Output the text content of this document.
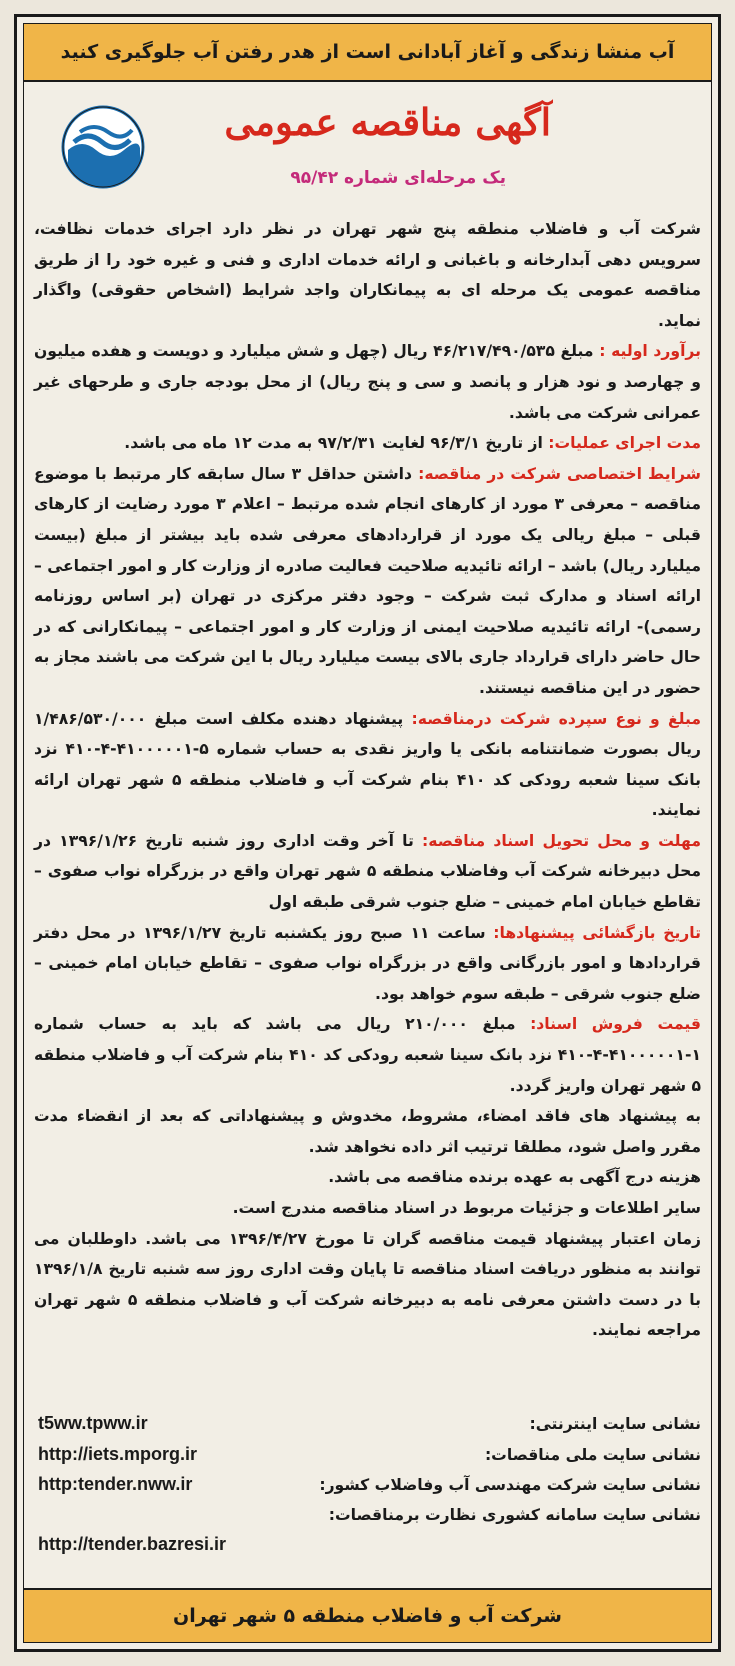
آب منشا زندگی و آغاز آبادانی است از هدر رفتن آب جلوگیری کنید
آگهی مناقصه عمومی
یک مرحله‌ای شماره ۹۵/۴۲

شرکت آب و فاضلاب منطقه پنج شهر تهران در نظر دارد اجرای خدمات نظافت، سرویس دهی آبدارخانه و باغبانی و ارائه خدمات اداری و فنی و غیره خود را از طریق مناقصه عمومی یک مرحله ای به پیمانکاران واجد شرایط (اشخاص حقوقی) واگذار نماید.

برآورد اولیه : مبلغ ۴۶/۲۱۷/۴۹۰/۵۳۵ ریال (چهل و شش میلیارد و دویست و هفده میلیون و چهارصد و نود هزار و پانصد و سی و پنج ریال) از محل بودجه جاری و طرحهای غیر عمرانی شرکت می باشد.

مدت اجرای عملیات: از تاریخ ۹۶/۳/۱ لغایت ۹۷/۲/۳۱ به مدت ۱۲ ماه می باشد.

شرایط اختصاصی شرکت در مناقصه: داشتن حداقل ۳ سال سابقه کار مرتبط با موضوع مناقصه – معرفی ۳ مورد از کارهای انجام شده مرتبط – اعلام ۳ مورد رضایت از کارهای قبلی – مبلغ ریالی یک مورد از قراردادهای معرفی شده باید بیشتر از مبلغ (بیست میلیارد ریال) باشد – ارائه تائیدیه صلاحیت فعالیت صادره از وزارت کار و امور اجتماعی – ارائه اسناد و مدارک ثبت شرکت – وجود دفتر مرکزی در تهران (بر اساس روزنامه رسمی)- ارائه تائیدیه صلاحیت ایمنی از وزارت کار و امور اجتماعی – پیمانکارانی که در حال حاضر دارای قرارداد جاری بالای بیست میلیارد ریال با این شرکت می باشند مجاز به حضور در این مناقصه نیستند.

مبلغ و نوع سپرده شرکت درمناقصه: پیشنهاد دهنده مکلف است مبلغ ۱/۴۸۶/۵۳۰/۰۰۰ ریال بصورت ضمانتنامه بانکی یا واریز نقدی به حساب شماره ۵-۴۱۰۰۰۰۰۱-۴-۴۱۰ نزد بانک سینا شعبه رودکی کد ۴۱۰ بنام شرکت آب و فاضلاب منطقه ۵ شهر تهران ارائه نمایند.

مهلت و محل تحویل اسناد مناقصه: تا آخر وقت اداری روز شنبه تاریخ ۱۳۹۶/۱/۲۶ در محل دبیرخانه شرکت آب وفاضلاب منطقه ۵ شهر تهران واقع در بزرگراه نواب صفوی – تقاطع خیابان امام خمینی – ضلع جنوب شرقی طبقه اول

تاریخ بازگشائی پیشنهادها: ساعت ۱۱ صبح روز یکشنبه تاریخ ۱۳۹۶/۱/۲۷ در محل دفتر قراردادها و امور بازرگانی واقع در بزرگراه نواب صفوی – تقاطع خیابان امام خمینی – ضلع جنوب شرقی – طبقه سوم خواهد بود.

قیمت فروش اسناد: مبلغ ۲۱۰/۰۰۰ ریال می باشد که باید به حساب شماره ۱-۴۱۰۰۰۰۰۱-۴-۴۱۰ نزد بانک سینا شعبه رودکی کد ۴۱۰ بنام شرکت آب و فاضلاب منطقه ۵ شهر تهران واریز گردد.

به پیشنهاد های فاقد امضاء، مشروط، مخدوش و پیشنهاداتی که بعد از انقضاء مدت مقرر واصل شود، مطلقا ترتیب اثر داده نخواهد شد.

هزینه درج آگهی به عهده برنده مناقصه می باشد.

سایر اطلاعات و جزئیات مربوط در اسناد مناقصه مندرج است.

زمان اعتبار پیشنهاد قیمت مناقصه گران تا مورخ ۱۳۹۶/۴/۲۷ می باشد. داوطلبان می توانند به منظور دریافت اسناد مناقصه تا پایان وقت اداری روز سه شنبه تاریخ ۱۳۹۶/۱/۸ با در دست داشتن معرفی نامه به دبیرخانه شرکت آب و فاضلاب منطقه ۵ شهر تهران مراجعه نمایند.

نشانی سایت اینترنتی:
t5ww.tpww.ir
نشانی سایت ملی مناقصات:
http://iets.mporg.ir
نشانی سایت شرکت مهندسی آب وفاضلاب کشور:
http:tender.nww.ir
نشانی سایت سامانه کشوری نظارت برمناقصات:
http://tender.bazresi.ir
شرکت آب و فاضلاب منطقه ۵ شهر تهران
